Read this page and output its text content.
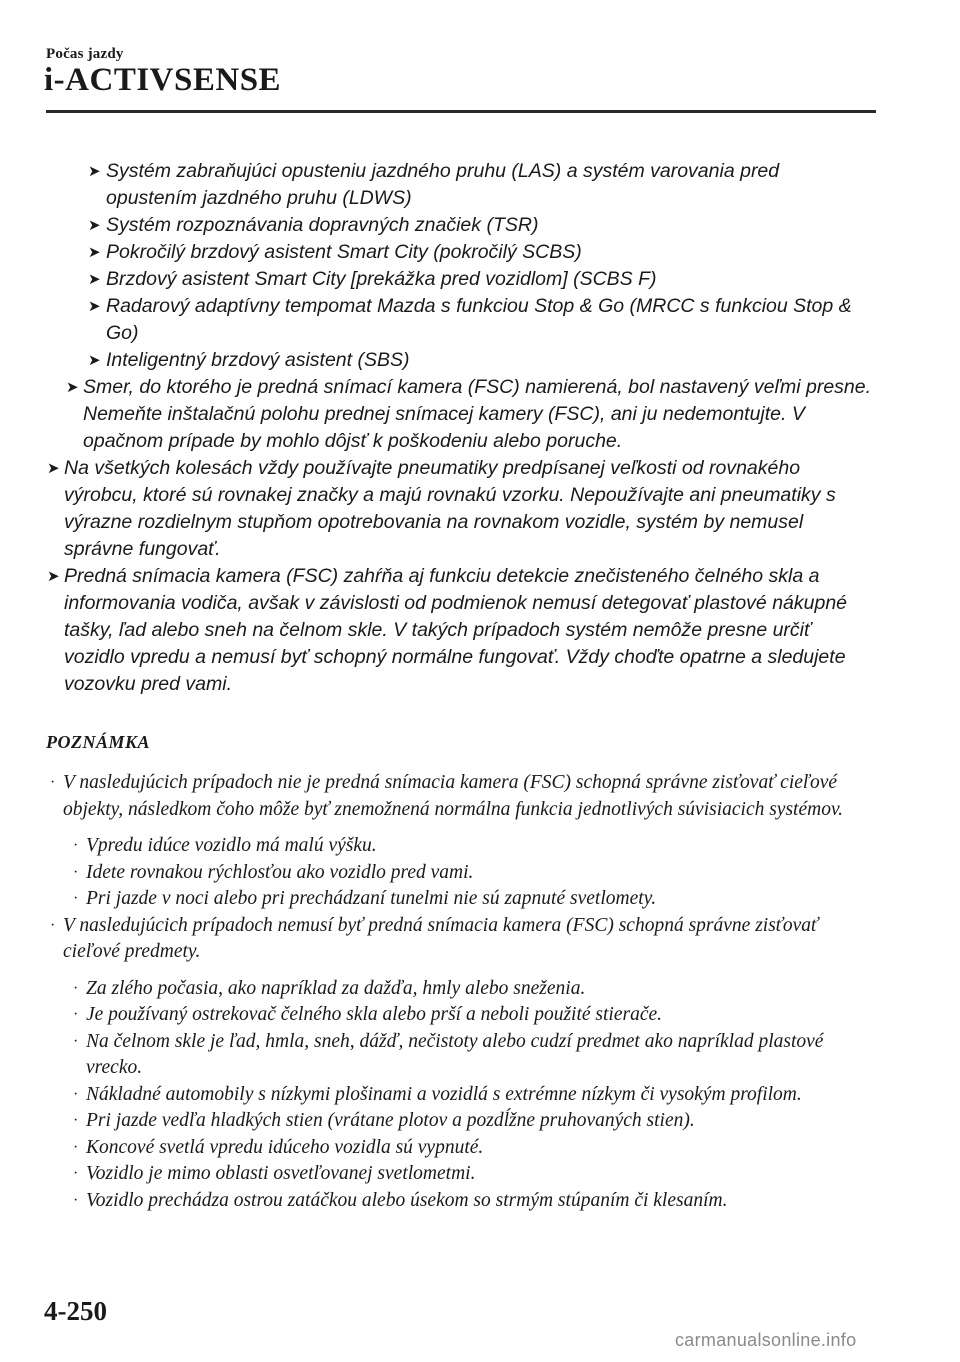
Počas jazdy
i-ACTIVSENSE
➤ Systém zabraňujúci opusteniu jazdného pruhu (LAS) a systém varovania pred opustením jazdného pruhu (LDWS)
➤ Systém rozpoznávania dopravných značiek (TSR)
➤ Pokročilý brzdový asistent Smart City (pokročilý SCBS)
➤ Brzdový asistent Smart City [prekážka pred vozidlom] (SCBS F)
➤ Radarový adaptívny tempomat Mazda s funkciou Stop & Go (MRCC s funkciou Stop & Go)
➤ Inteligentný brzdový asistent (SBS)
➤ Smer, do ktorého je predná snímací kamera (FSC) namierená, bol nastavený veľmi presne. Nemeňte inštalačnú polohu prednej snímacej kamery (FSC), ani ju nedemontujte. V opačnom prípade by mohlo dôjsť k poškodeniu alebo poruche.
➤ Na všetkých kolesách vždy používajte pneumatiky predpísanej veľkosti od rovnakého výrobcu, ktoré sú rovnakej značky a majú rovnakú vzorku. Nepoužívajte ani pneumatiky s výrazne rozdielnym stupňom opotrebovania na rovnakom vozidle, systém by nemusel správne fungovať.
➤ Predná snímacia kamera (FSC) zahŕňa aj funkciu detekcie znečisteného čelného skla a informovania vodiča, avšak v závislosti od podmienok nemusí detegovať plastové nákupné tašky, ľad alebo sneh na čelnom skle. V takých prípadoch systém nemôže presne určiť vozidlo vpredu a nemusí byť schopný normálne fungovať. Vždy choďte opatrne a sledujete vozovku pred vami.
POZNÁMKA
· V nasledujúcich prípadoch nie je predná snímacia kamera (FSC) schopná správne zisťovať cieľové objekty, následkom čoho môže byť znemožnená normálna funkcia jednotlivých súvisiacich systémov.
· Vpredu idúce vozidlo má malú výšku.
· Idete rovnakou rýchlosťou ako vozidlo pred vami.
· Pri jazde v noci alebo pri prechádzaní tunelmi nie sú zapnuté svetlomety.
· V nasledujúcich prípadoch nemusí byť predná snímacia kamera (FSC) schopná správne zisťovať cieľové predmety.
· Za zlého počasia, ako napríklad za dažďa, hmly alebo sneženia.
· Je používaný ostrekovač čelného skla alebo prší a neboli použité stierače.
· Na čelnom skle je ľad, hmla, sneh, dážď, nečistoty alebo cudzí predmet ako napríklad plastové vrecko.
· Nákladné automobily s nízkymi plošinami a vozidlá s extrémne nízkym či vysokým profilom.
· Pri jazde vedľa hladkých stien (vrátane plotov a pozdĺžne pruhovaných stien).
· Koncové svetlá vpredu idúceho vozidla sú vypnuté.
· Vozidlo je mimo oblasti osvetľovanej svetlometmi.
· Vozidlo prechádza ostrou zatáčkou alebo úsekom so strmým stúpaním či klesaním.
4-250
carmanualsonline.info
